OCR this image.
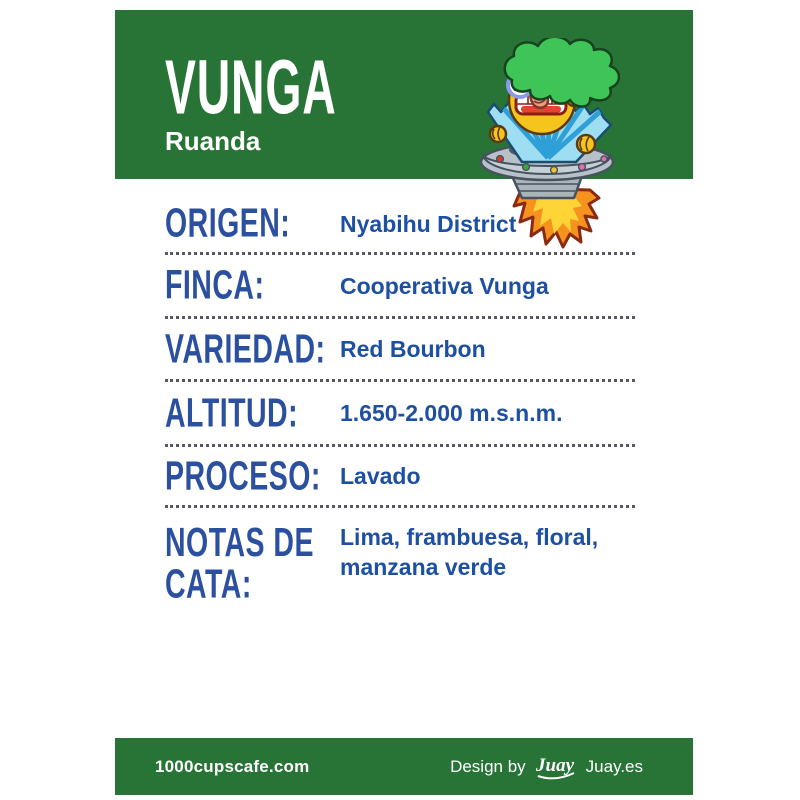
VUNGA
Ruanda
ORIGEN:	Nyabihu District
FINCA:	Cooperativa Vunga
VARIEDAD: Red Bourbon
ALTITUD:	1.650-2.000 m.s.n.m.
PROCESO: Lavado
NOTAS DE CATA:
Lima, frambuesa, floral, manzana verde
1000cupscafe.com	Design by Juay Juay.es
